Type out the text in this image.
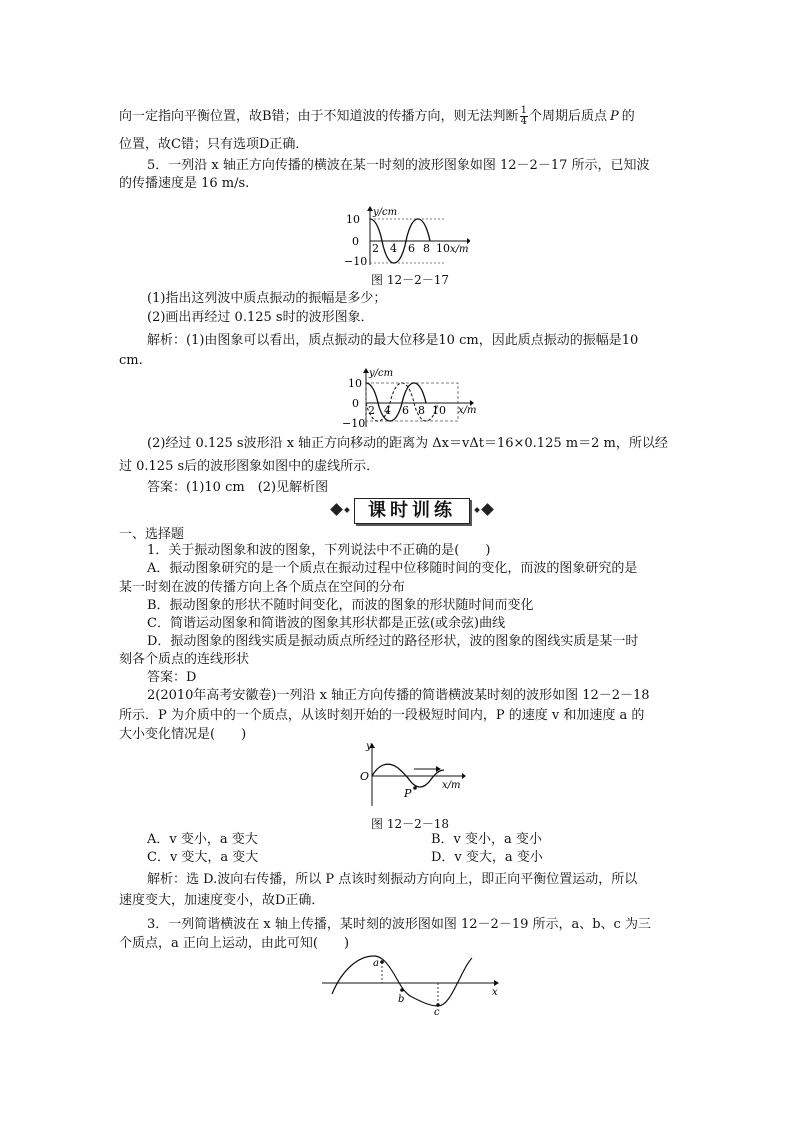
向一定指向平衡位置，故B错；由于不知道波的传播方向，则无法判断 $\frac{1}{4}$ 个周期后质点 P 的
位置，故C错；只有选项D正确．
5．一列沿 x 轴正方向传播的横波在某一时刻的波形图象如图 12－2－17 所示，已知波
的传播速度是 16 m/s.
10
0
−10
y/cm
2 4 6 8 10 x/m
图 12－2－17
(1)指出这列波中质点振动的振幅是多少；
(2)画出再经过 0.125 s时的波形图象．
解析：(1)由图象可以看出，质点振动的最大位移是10 cm，因此质点振动的振幅是10
cm.
10
0
−10
y/cm
2 4 6 8 10 x/m
(2)经过 0.125 s波形沿 x 轴正方向移动的距离为 Δx＝vΔt＝16×0.125 m＝2 m，所以经
过 0.125 s后的波形图象如图中的虚线所示．
答案：(1)10 cm　(2)见解析图
课时训练
一、选择题
1．关于振动图象和波的图象，下列说法中不正确的是(　　)
A．振动图象研究的是一个质点在振动过程中位移随时间的变化，而波的图象研究的是
某一时刻在波的传播方向上各个质点在空间的分布
B．振动图象的形状不随时间变化，而波的图象的形状随时间而变化
C．简谐运动图象和简谐波的图象其形状都是正弦(或余弦)曲线
D．振动图象的图线实质是振动质点所经过的路径形状，波的图象的图线实质是某一时
刻各个质点的连线形状
答案：D
2(2010年高考安徽卷)一列沿 x 轴正方向传播的简谐横波某时刻的波形如图 12－2－18
所示．P 为介质中的一个质点，从该时刻开始的一段极短时间内，P 的速度 v 和加速度 a 的
大小变化情况是(　　)
y
O
P
x/m
图 12－2－18
A．v 变小，a 变大	B．v 变小，a 变小
C．v 变大，a 变大	D．v 变大，a 变小
解析：选 D.波向右传播，所以 P 点该时刻振动方向向上，即正向平衡位置运动，所以
速度变大，加速度变小，故D正确．
3．一列简谐横波在 x 轴上传播，某时刻的波形图如图 12－2－19 所示，a、b、c 为三
个质点，a 正向上运动，由此可知(　　)
a
b
c
x
